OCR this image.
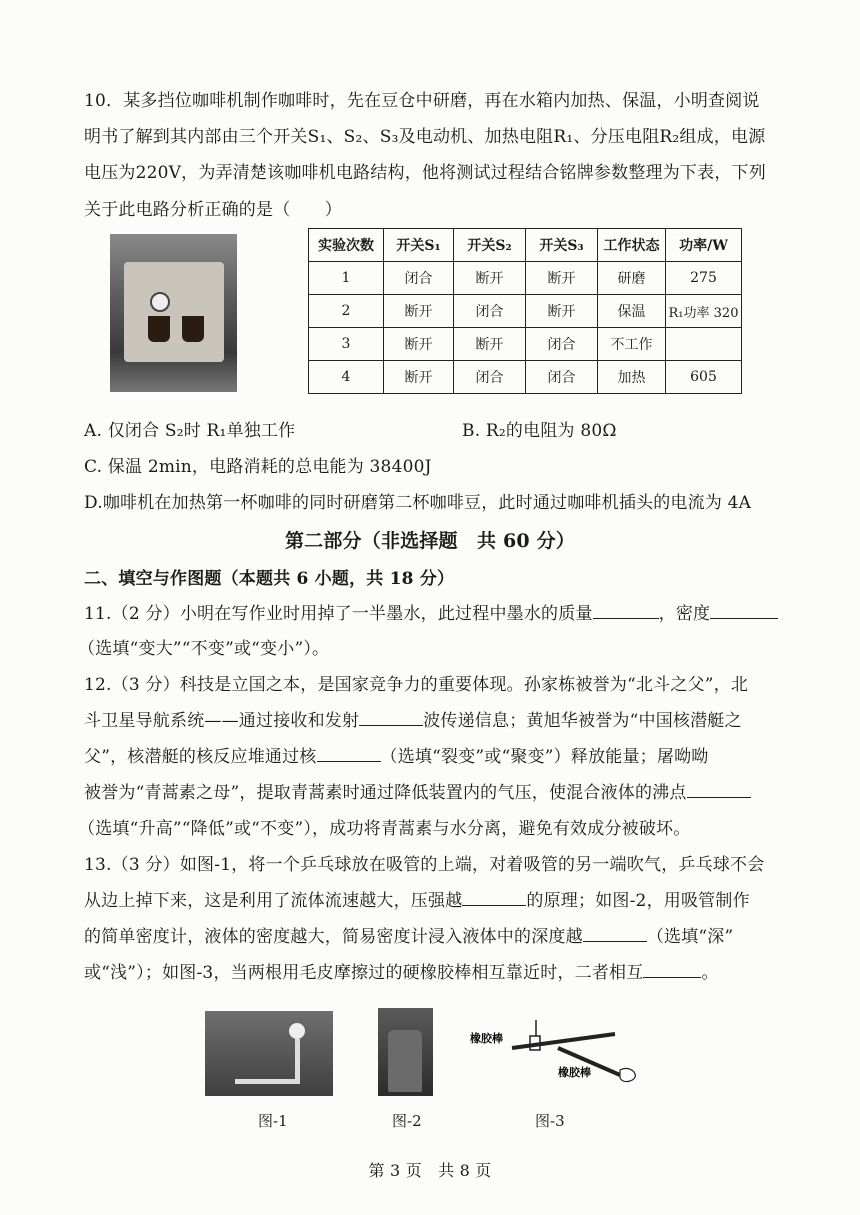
10．某多挡位咖啡机制作咖啡时，先在豆仓中研磨，再在水箱内加热、保温，小明查阅说
明书了解到其内部由三个开关S₁、S₂、S₃及电动机、加热电阻R₁、分压电阻R₂组成，电源
电压为220V，为弄清楚该咖啡机电路结构，他将测试过程结合铭牌参数整理为下表，下列
关于此电路分析正确的是（　　）
实验次数	开关S₁	开关S₂	开关S₃	工作状态	功率/W
1	闭合	断开	断开	研磨	275
2	断开	闭合	断开	保温	R₁功率 320
3	断开	断开	闭合	不工作	
4	断开	闭合	闭合	加热	605
A. 仅闭合 S₂时 R₁单独工作	B. R₂的电阻为 80Ω
C. 保温 2min，电路消耗的总电能为 38400J
D.咖啡机在加热第一杯咖啡的同时研磨第二杯咖啡豆，此时通过咖啡机插头的电流为 4A
第二部分（非选择题　共 60 分）
二、填空与作图题（本题共 6 小题，共 18 分）
11.（2 分）小明在写作业时用掉了一半墨水，此过程中墨水的质量	，密度
（选填“变大”“不变”或“变小”）。
12.（3 分）科技是立国之本，是国家竞争力的重要体现。孙家栋被誉为“北斗之父”，北
斗卫星导航系统——通过接收和发射	波传递信息；黄旭华被誉为“中国核潜艇之
父”，核潜艇的核反应堆通过核	（选填“裂变”或“聚变”）释放能量；屠呦呦
被誉为“青蒿素之母”，提取青蒿素时通过降低装置内的气压，使混合液体的沸点
（选填“升高”“降低”或“不变”），成功将青蒿素与水分离，避免有效成分被破坏。
13.（3 分）如图-1，将一个乒乓球放在吸管的上端，对着吸管的另一端吹气，乒乓球不会
从边上掉下来，这是利用了流体流速越大，压强越	的原理；如图-2，用吸管制作
的简单密度计，液体的密度越大，简易密度计浸入液体中的深度越	（选填“深”
或“浅”）；如图-3，当两根用毛皮摩擦过的硬橡胶棒相互靠近时，二者相互	。
橡胶棒
橡胶棒
图-1	图-2	图-3
第 3 页　共 8 页
